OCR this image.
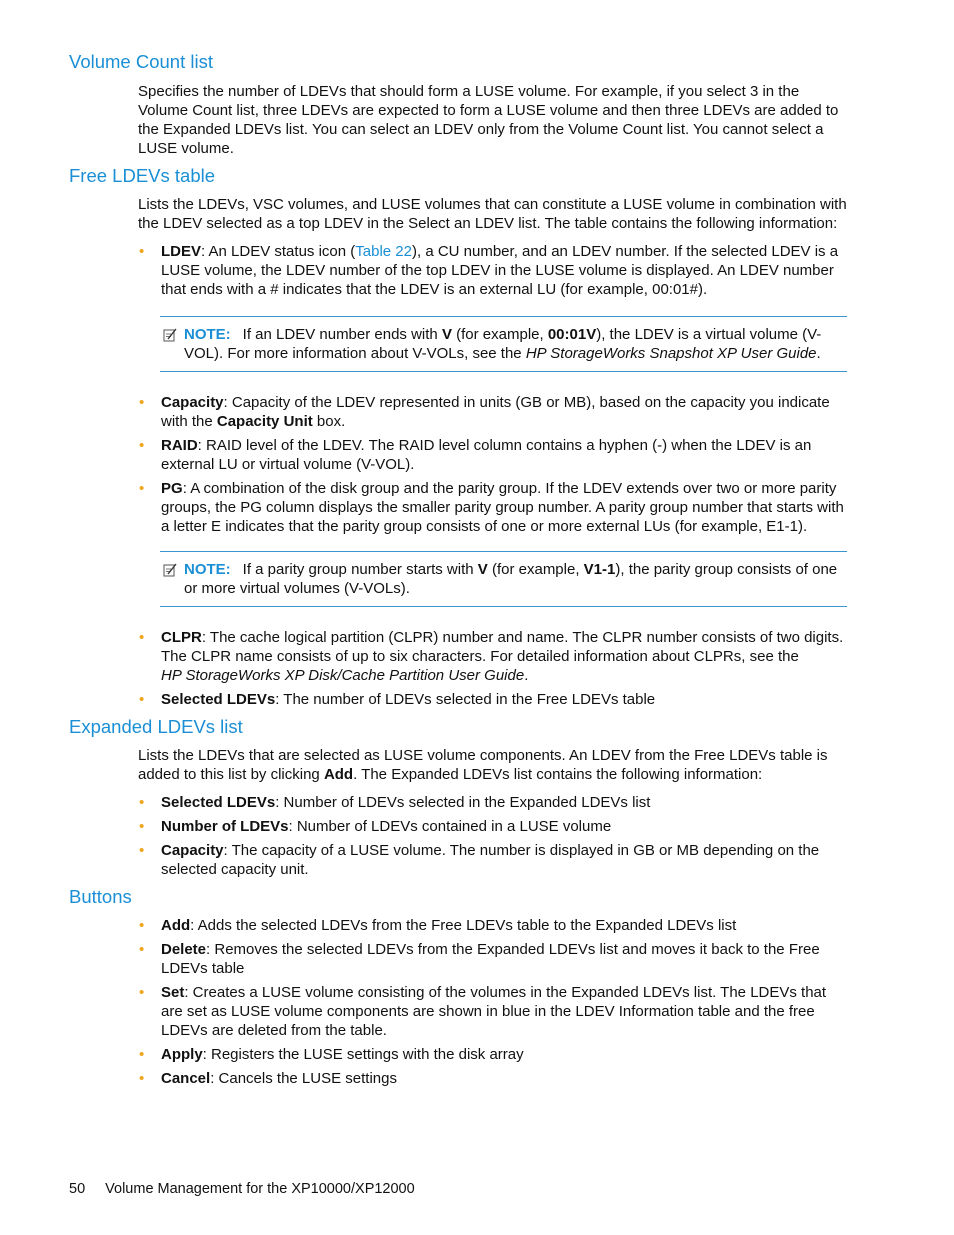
Volume Count list

Specifies the number of LDEVs that should form a LUSE volume. For example, if you select 3 in the Volume Count list, three LDEVs are expected to form a LUSE volume and then three LDEVs are added to the Expanded LDEVs list. You can select an LDEV only from the Volume Count list. You cannot select a LUSE volume.

Free LDEVs table

Lists the LDEVs, VSC volumes, and LUSE volumes that can constitute a LUSE volume in combination with the LDEV selected as a top LDEV in the Select an LDEV list. The table contains the following information:

• LDEV: An LDEV status icon (Table 22), a CU number, and an LDEV number. If the selected LDEV is a LUSE volume, the LDEV number of the top LDEV in the LUSE volume is displayed. An LDEV number that ends with a # indicates that the LDEV is an external LU (for example, 00:01#).
NOTE: If an LDEV number ends with V (for example, 00:01V), the LDEV is a virtual volume (V-VOL). For more information about V-VOLs, see the HP StorageWorks Snapshot XP User Guide.
• Capacity: Capacity of the LDEV represented in units (GB or MB), based on the capacity you indicate with the Capacity Unit box.
• RAID: RAID level of the LDEV. The RAID level column contains a hyphen (-) when the LDEV is an external LU or virtual volume (V-VOL).
• PG: A combination of the disk group and the parity group. If the LDEV extends over two or more parity groups, the PG column displays the smaller parity group number. A parity group number that starts with a letter E indicates that the parity group consists of one or more external LUs (for example, E1-1).
NOTE: If a parity group number starts with V (for example, V1-1), the parity group consists of one or more virtual volumes (V-VOLs).
• CLPR: The cache logical partition (CLPR) number and name. The CLPR number consists of two digits. The CLPR name consists of up to six characters. For detailed information about CLPRs, see the
HP StorageWorks XP Disk/Cache Partition User Guide.
• Selected LDEVs: The number of LDEVs selected in the Free LDEVs table
Expanded LDEVs list

Lists the LDEVs that are selected as LUSE volume components. An LDEV from the Free LDEVs table is added to this list by clicking Add. The Expanded LDEVs list contains the following information:

• Selected LDEVs: Number of LDEVs selected in the Expanded LDEVs list
• Number of LDEVs: Number of LDEVs contained in a LUSE volume
• Capacity: The capacity of a LUSE volume. The number is displayed in GB or MB depending on the selected capacity unit.
Buttons
• Add: Adds the selected LDEVs from the Free LDEVs table to the Expanded LDEVs list
• Delete: Removes the selected LDEVs from the Expanded LDEVs list and moves it back to the Free LDEVs table
• Set: Creates a LUSE volume consisting of the volumes in the Expanded LDEVs list. The LDEVs that are set as LUSE volume components are shown in blue in the LDEV Information table and the free LDEVs are deleted from the table.
• Apply: Registers the LUSE settings with the disk array
• Cancel: Cancels the LUSE settings
50 Volume Management for the XP10000/XP12000
